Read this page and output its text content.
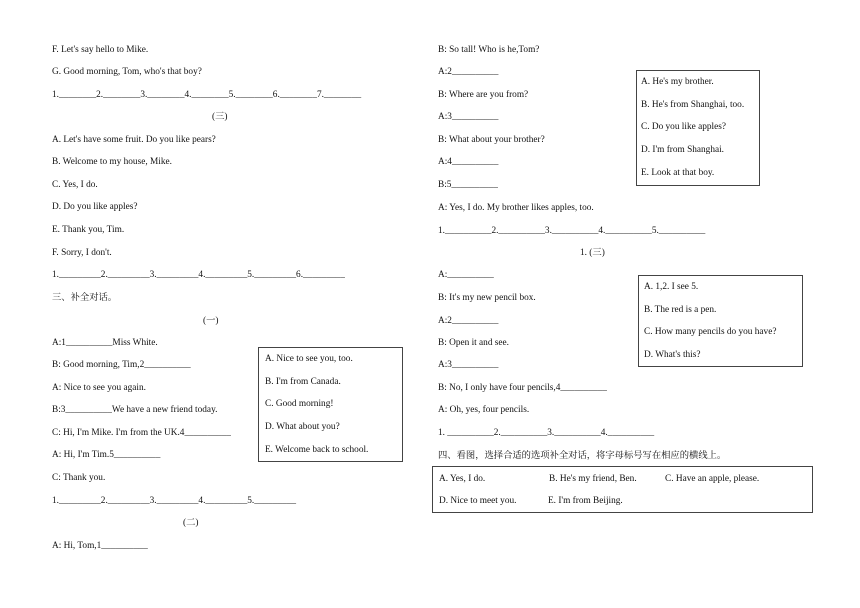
F. Let's say hello to Mike.
G. Good morning, Tom, who's that boy?
1.________2.________3.________4.________5.________6.________7.________
(三)
A. Let's have some fruit. Do you like pears?
B. Welcome to my house, Mike.
C. Yes, I do.
D. Do you like apples?
E. Thank you, Tim.
F. Sorry, I don't.
1._________2._________3._________4._________5._________6._________
三、补全对话。
(一)
A:1__________Miss White.
B: Good morning, Tim,2__________
A: Nice to see you again.
B:3__________We have a new friend today.
C: Hi, I'm Mike. I'm from the UK.4__________
A: Hi, I'm Tim.5__________
C: Thank you.
1._________2._________3._________4._________5._________
A. Nice to see you, too.
B. I'm from Canada.
C. Good morning!
D. What about you?
E. Welcome back to school.
(二)
A: Hi, Tom,1__________
B: So tall! Who is he,Tom?
A:2__________
B: Where are you from?
A:3__________
B: What about your brother?
A:4__________
B:5__________
A: Yes, I do. My brother likes apples, too.
1.__________2.__________3.__________4.__________5.__________
A. He's my brother.
B. He's from Shanghai, too.
C. Do you like apples?
D. I'm from Shanghai.
E. Look at that boy.
1. (三)
A:__________
B: It's my new pencil box.
A:2__________
B: Open it and see.
A:3__________
B: No, I only have four pencils,4__________
A: Oh, yes, four pencils.
1. __________2.__________3.__________4.__________
A. 1,2. I see 5.
B. The red is a pen.
C. How many pencils do you have?
D. What's this?
四、看图，选择合适的选项补全对话，将字母标号写在相应的横线上。
A. Yes, I do.	B. He's my friend, Ben.	C. Have an apple, please.
D. Nice to meet you.	E. I'm from Beijing.
